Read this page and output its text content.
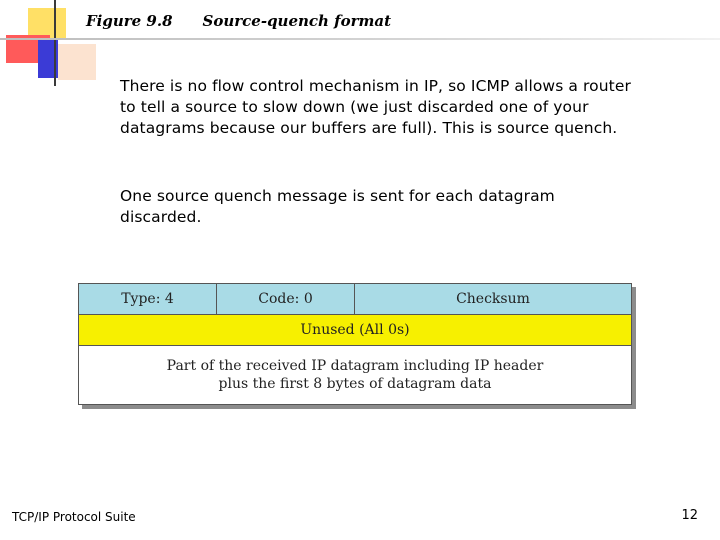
Figure 9.8 Source-quench format
There is no flow control mechanism in IP, so ICMP allows a router to tell a source to slow down (we just discarded one of your datagrams because our buffers are full). This is source quench.
One source quench message is sent for each datagram discarded.
Type: 4	Code: 0	Checksum
Unused (All 0s)
Part of the received IP datagram including IP header
plus the first 8 bytes of datagram data
TCP/IP Protocol Suite	12
